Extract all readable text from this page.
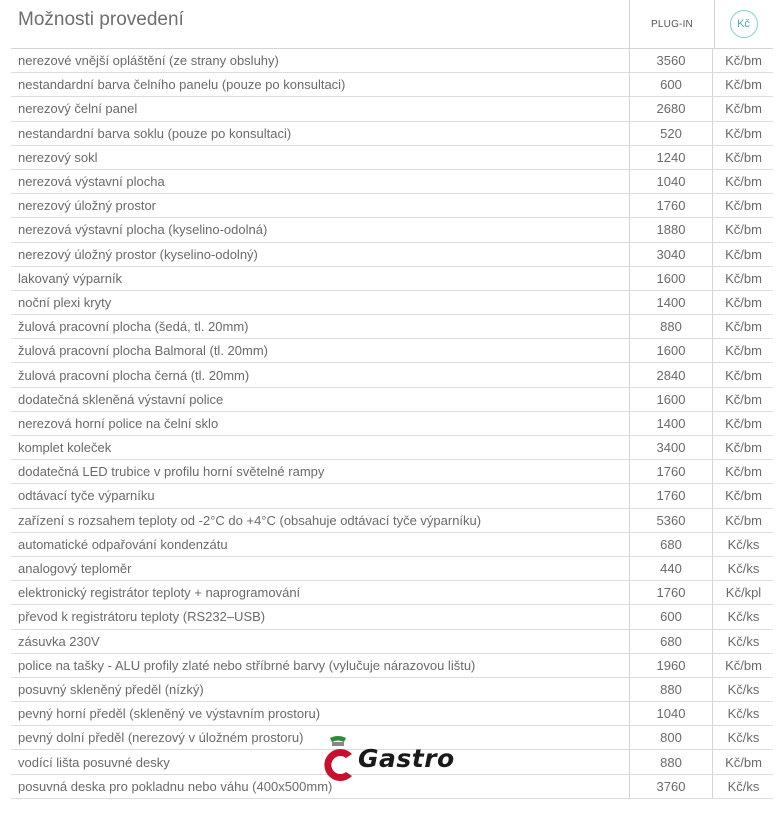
Možnosti provedení	PLUG-IN	Kč
nerezové vnější opláštění (ze strany obsluhy)	3560	Kč/bm
nestandardní barva čelního panelu (pouze po konsultaci)	600	Kč/bm
nerezový čelní panel	2680	Kč/bm
nestandardní barva soklu (pouze po konsultaci)	520	Kč/bm
nerezový sokl	1240	Kč/bm
nerezová výstavní plocha	1040	Kč/bm
nerezový úložný prostor	1760	Kč/bm
nerezová výstavní plocha (kyselino-odolná)	1880	Kč/bm
nerezový úložný prostor (kyselino-odolný)	3040	Kč/bm
lakovaný výparník	1600	Kč/bm
noční plexi kryty	1400	Kč/bm
žulová pracovní plocha (šedá, tl. 20mm)	880	Kč/bm
žulová pracovní plocha Balmoral (tl. 20mm)	1600	Kč/bm
žulová pracovní plocha černá (tl. 20mm)	2840	Kč/bm
dodatečná skleněná výstavní police	1600	Kč/bm
nerezová horní police na čelní sklo	1400	Kč/bm
komplet koleček	3400	Kč/bm
dodatečná LED trubice v profilu horní světelné rampy	1760	Kč/bm
odtávací tyče výparníku	1760	Kč/bm
zařízení s rozsahem teploty od -2°C do +4°C (obsahuje odtávací tyče výparníku)	5360	Kč/bm
automatické odpařování kondenzátu	680	Kč/ks
analogový teploměr	440	Kč/ks
elektronický registrátor teploty + naprogramování	1760	Kč/kpl
převod k registrátoru teploty (RS232–USB)	600	Kč/ks
zásuvka 230V	680	Kč/ks
police na tašky - ALU profily zlaté nebo stříbrné barvy (vylučuje nárazovou lištu)	1960	Kč/bm
posuvný skleněný předěl (nízký)	880	Kč/ks
pevný horní předěl (skleněný ve výstavním prostoru)	1040	Kč/ks
pevný dolní předěl (nerezový v úložném prostoru)	800	Kč/ks
vodící lišta posuvné desky	880	Kč/bm
posuvná deska pro pokladnu nebo váhu (400x500mm)	3760	Kč/ks
Gastro
